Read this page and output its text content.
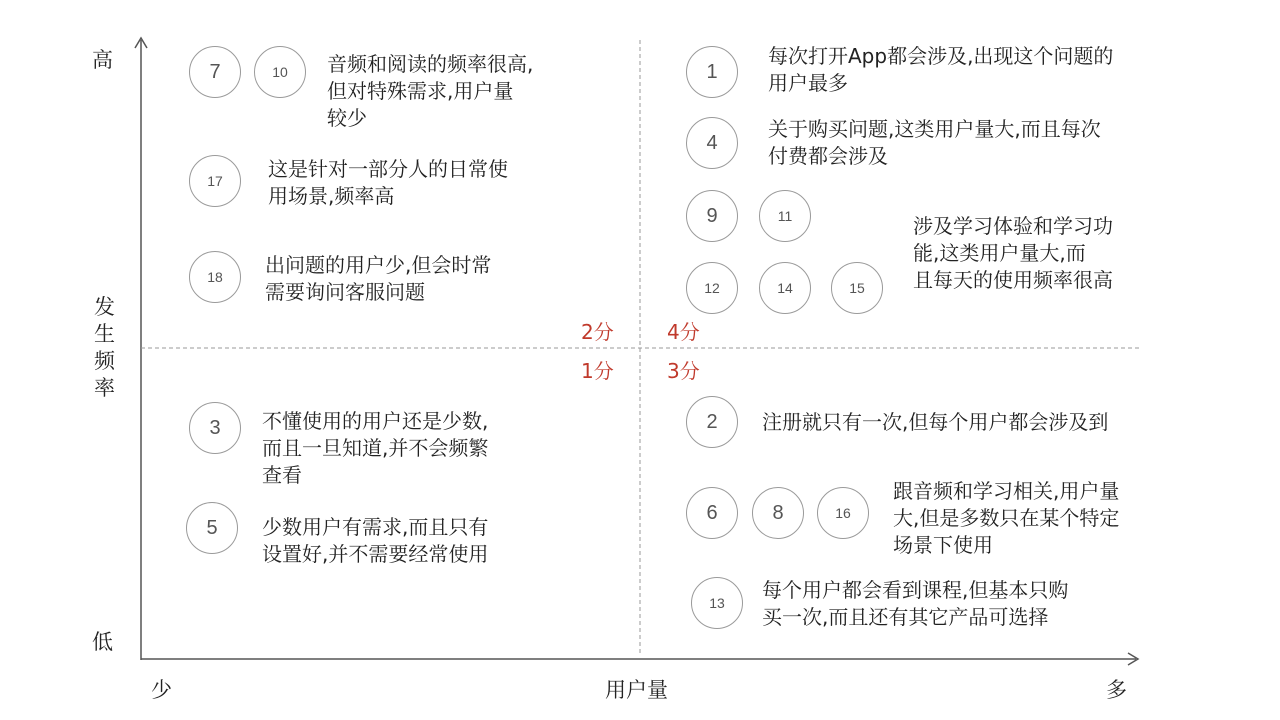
高
发生频率
低
少	用户量	多
2分	4分
1分	3分
7	10
17
18
1
4
9	11
12	14	15
3
5
2
6	8	16
13
音频和阅读的频率很高,
但对特殊需求,用户量
较少
这是针对一部分人的日常使
用场景,频率高
出问题的用户少,但会时常
需要询问客服问题
每次打开App都会涉及,出现这个问题的
用户最多
关于购买问题,这类用户量大,而且每次
付费都会涉及
涉及学习体验和学习功
能,这类用户量大,而
且每天的使用频率很高
不懂使用的用户还是少数,
而且一旦知道,并不会频繁
查看
少数用户有需求,而且只有
设置好,并不需要经常使用
注册就只有一次,但每个用户都会涉及到
跟音频和学习相关,用户量
大,但是多数只在某个特定
场景下使用
每个用户都会看到课程,但基本只购
买一次,而且还有其它产品可选择
